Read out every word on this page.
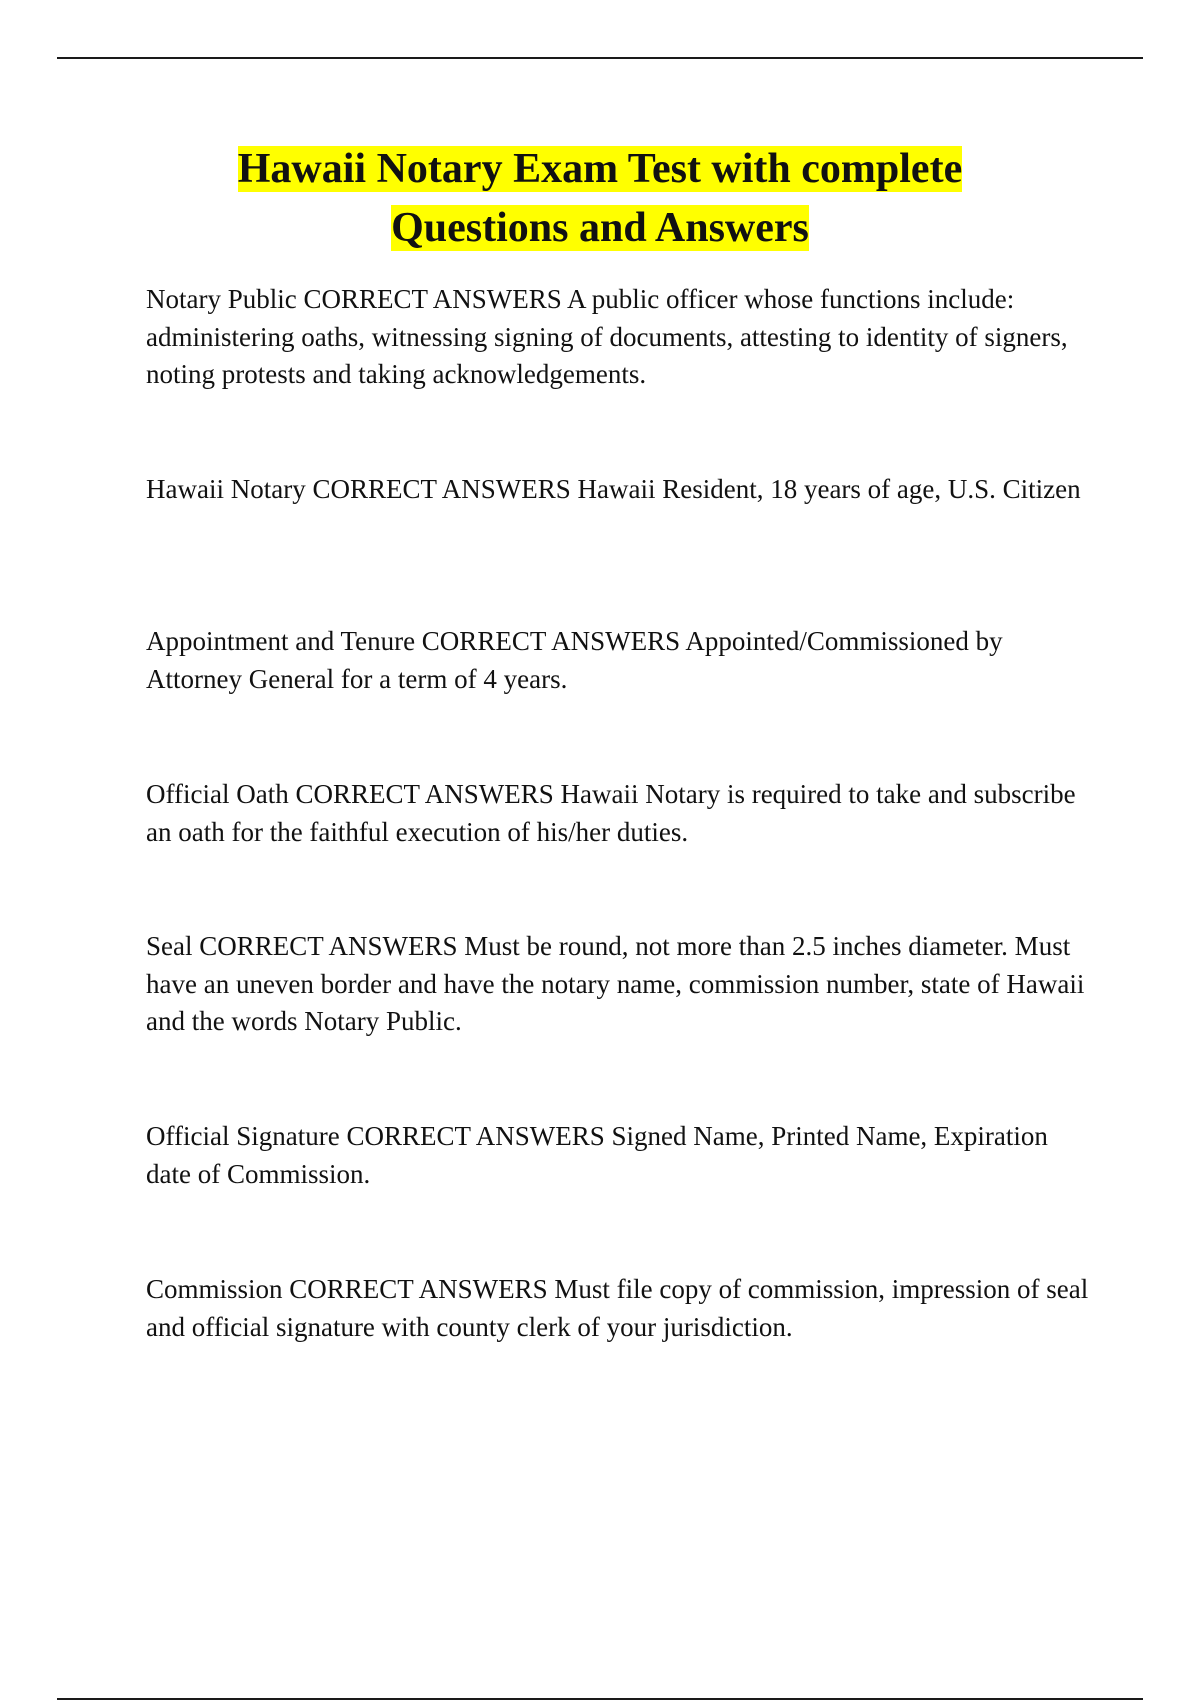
Hawaii Notary Exam Test with complete
Questions and Answers

Notary Public CORRECT ANSWERS A public officer whose functions include: administering oaths, witnessing signing of documents, attesting to identity of signers, noting protests and taking acknowledgements.

Hawaii Notary CORRECT ANSWERS Hawaii Resident, 18 years of age, U.S. Citizen

Appointment and Tenure CORRECT ANSWERS Appointed/Commissioned by Attorney General for a term of 4 years.

Official Oath CORRECT ANSWERS Hawaii Notary is required to take and subscribe an oath for the faithful execution of his/her duties.

Seal CORRECT ANSWERS Must be round, not more than 2.5 inches diameter. Must have an uneven border and have the notary name, commission number, state of Hawaii and the words Notary Public.

Official Signature CORRECT ANSWERS Signed Name, Printed Name, Expiration date of Commission.

Commission CORRECT ANSWERS Must file copy of commission, impression of seal and official signature with county clerk of your jurisdiction.
